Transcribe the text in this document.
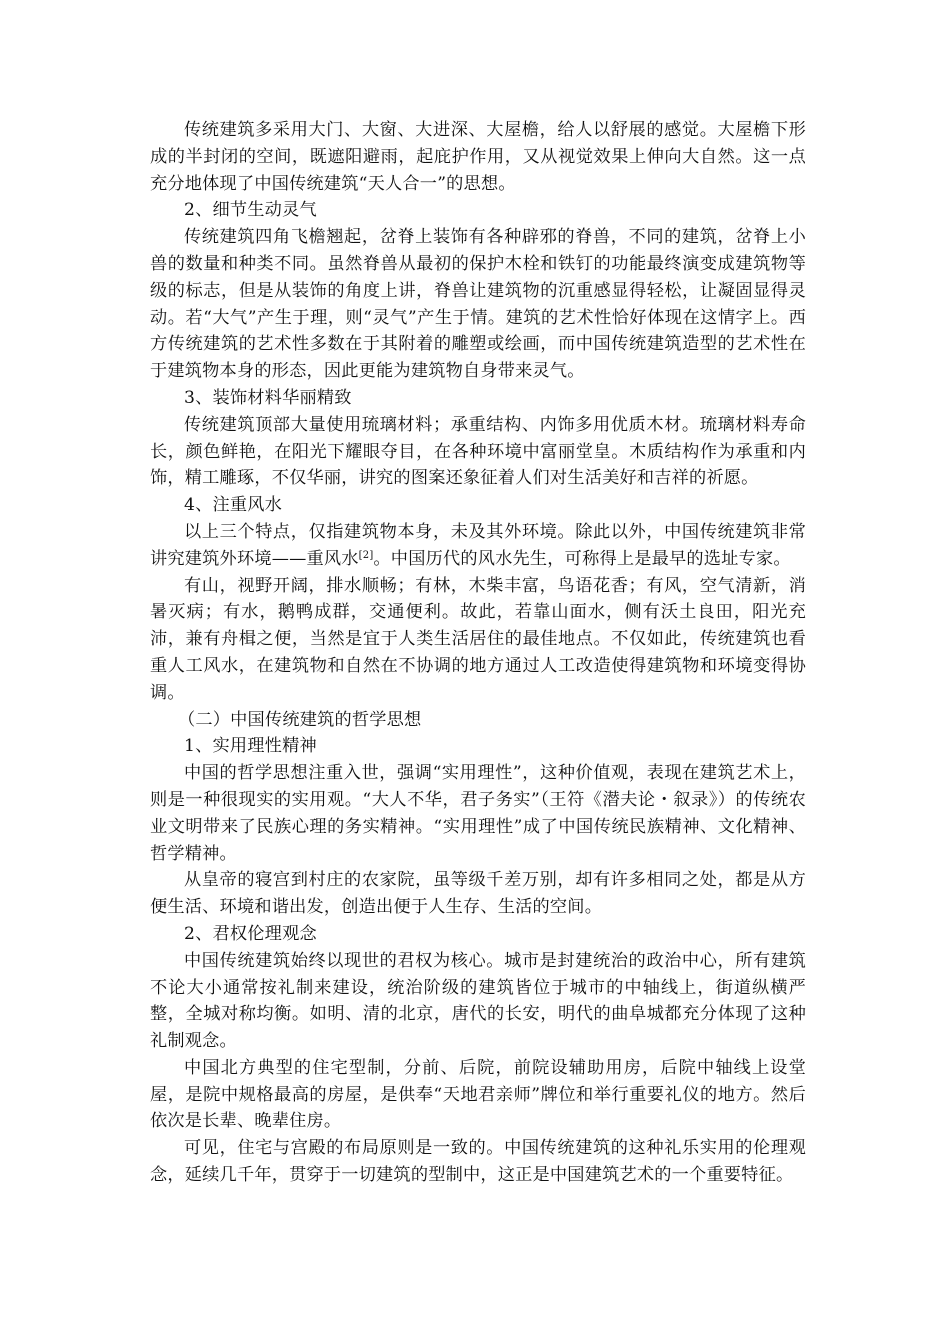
传统建筑多采用大门、大窗、大进深、大屋檐，给人以舒展的感觉。大屋檐下形成的半封闭的空间，既遮阳避雨，起庇护作用，又从视觉效果上伸向大自然。这一点充分地体现了中国传统建筑“天人合一”的思想。

2、细节生动灵气

传统建筑四角飞檐翘起，岔脊上装饰有各种辟邪的脊兽，不同的建筑，岔脊上小兽的数量和种类不同。虽然脊兽从最初的保护木栓和铁钉的功能最终演变成建筑物等级的标志，但是从装饰的角度上讲，脊兽让建筑物的沉重感显得轻松，让凝固显得灵动。若“大气”产生于理，则“灵气”产生于情。建筑的艺术性恰好体现在这情字上。西方传统建筑的艺术性多数在于其附着的雕塑或绘画，而中国传统建筑造型的艺术性在于建筑物本身的形态，因此更能为建筑物自身带来灵气。

3、装饰材料华丽精致

传统建筑顶部大量使用琉璃材料；承重结构、内饰多用优质木材。琉璃材料寿命长，颜色鲜艳，在阳光下耀眼夺目，在各种环境中富丽堂皇。木质结构作为承重和内饰，精工雕琢，不仅华丽，讲究的图案还象征着人们对生活美好和吉祥的祈愿。

4、注重风水

以上三个特点，仅指建筑物本身，未及其外环境。除此以外，中国传统建筑非常讲究建筑外环境——重风水[2]。中国历代的风水先生，可称得上是最早的选址专家。

有山，视野开阔，排水顺畅；有林，木柴丰富，鸟语花香；有风，空气清新，消暑灭病；有水，鹅鸭成群，交通便利。故此，若靠山面水，侧有沃土良田，阳光充沛，兼有舟楫之便，当然是宜于人类生活居住的最佳地点。不仅如此，传统建筑也看重人工风水，在建筑物和自然在不协调的地方通过人工改造使得建筑物和环境变得协调。

（二）中国传统建筑的哲学思想

1、实用理性精神

中国的哲学思想注重入世，强调“实用理性”，这种价值观，表现在建筑艺术上，则是一种很现实的实用观。“大人不华，君子务实”（王符《潜夫论・叙录》）的传统农业文明带来了民族心理的务实精神。“实用理性”成了中国传统民族精神、文化精神、哲学精神。

从皇帝的寝宫到村庄的农家院，虽等级千差万别，却有许多相同之处，都是从方便生活、环境和谐出发，创造出便于人生存、生活的空间。

2、君权伦理观念

中国传统建筑始终以现世的君权为核心。城市是封建统治的政治中心，所有建筑不论大小通常按礼制来建设，统治阶级的建筑皆位于城市的中轴线上，街道纵横严整，全城对称均衡。如明、清的北京，唐代的长安，明代的曲阜城都充分体现了这种礼制观念。

中国北方典型的住宅型制，分前、后院，前院设辅助用房，后院中轴线上设堂屋，是院中规格最高的房屋，是供奉“天地君亲师”牌位和举行重要礼仪的地方。然后依次是长辈、晚辈住房。

可见，住宅与宫殿的布局原则是一致的。中国传统建筑的这种礼乐实用的伦理观念，延续几千年，贯穿于一切建筑的型制中，这正是中国建筑艺术的一个重要特征。
